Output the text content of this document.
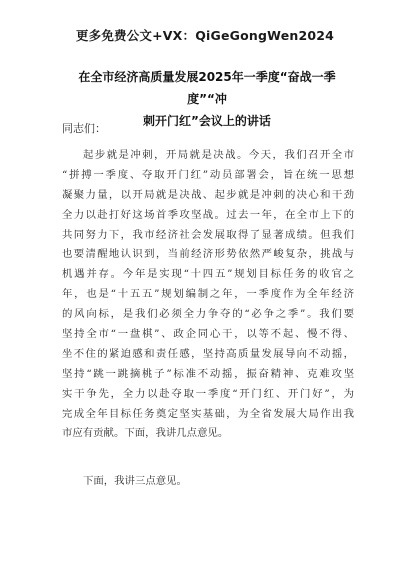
更多免费公文+VX：QiGeGongWen2024
在全市经济高质量发展2025年一季度“奋战一季度”“冲
刺开门红”会议上的讲话
同志们：
起步就是冲刺，开局就是决战。今天，我们召开全市
“拼搏一季度、夺取开门红”动员部署会，旨在统一思想
凝聚力量，以开局就是决战、起步就是冲刺的决心和干劲
全力以赴打好这场首季攻坚战。过去一年，在全市上下的
共同努力下，我市经济社会发展取得了显著成绩。但我们
也要清醒地认识到，当前经济形势依然严峻复杂，挑战与
机遇并存。今年是实现“十四五”规划目标任务的收官之
年，也是“十五五”规划编制之年，一季度作为全年经济
的风向标，是我们必须全力争夺的“必争之季”。我们要
坚持全市“一盘棋”、政企同心干，以等不起、慢不得、
坐不住的紧迫感和责任感，坚持高质量发展导向不动摇，
坚持“跳一跳摘桃子”标准不动摇，振奋精神、克难攻坚
实干争先，全力以赴夺取一季度“开门红、开门好”，为
完成全年目标任务奠定坚实基础，为全省发展大局作出我
市应有贡献。下面，我讲几点意见。
下面，我讲三点意见。
